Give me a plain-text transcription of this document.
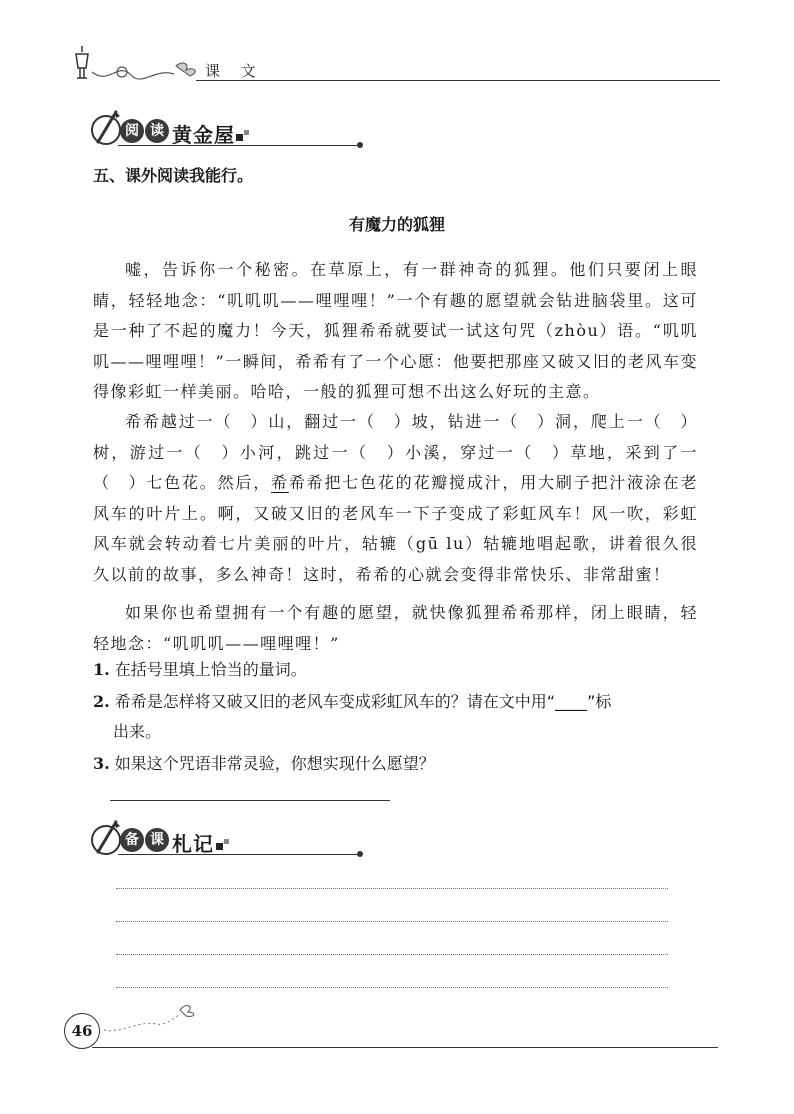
课 文
阅 读 黄金屋
五、课外阅读我能行。
有魔力的狐狸
嘘，告诉你一个秘密。在草原上，有一群神奇的狐狸。他们只要闭上眼睛，轻轻地念：“叽叽叽——哩哩哩！”一个有趣的愿望就会钻进脑袋里。这可是一种了不起的魔力！今天，狐狸希希就要试一试这句咒（zhòu）语。“叽叽叽——哩哩哩！”一瞬间，希希有了一个心愿：他要把那座又破又旧的老风车变得像彩虹一样美丽。哈哈，一般的狐狸可想不出这么好玩的主意。
希希越过一（　）山，翻过一（　）坡，钻进一（　）洞，爬上一（　）树，游过一（　）小河，跳过一（　）小溪，穿过一（　）草地，采到了一（　）七色花。然后，希希希把七色花的花瓣搅成汁，用大刷子把汁液涂在老风车的叶片上。啊，又破又旧的老风车一下子变成了彩虹风车！风一吹，彩虹风车就会转动着七片美丽的叶片，轱辘（gū lu）轱辘地唱起歌，讲着很久很久以前的故事，多么神奇！这时，希希的心就会变得非常快乐、非常甜蜜！
如果你也希望拥有一个有趣的愿望，就快像狐狸希希那样，闭上眼睛，轻轻地念：“叽叽叽——哩哩哩！”
1. 在括号里填上恰当的量词。
2. 希希是怎样将又破又旧的老风车变成彩虹风车的？请在文中用“____”标
出来。
3. 如果这个咒语非常灵验，你想实现什么愿望？
备 课 札记
46
